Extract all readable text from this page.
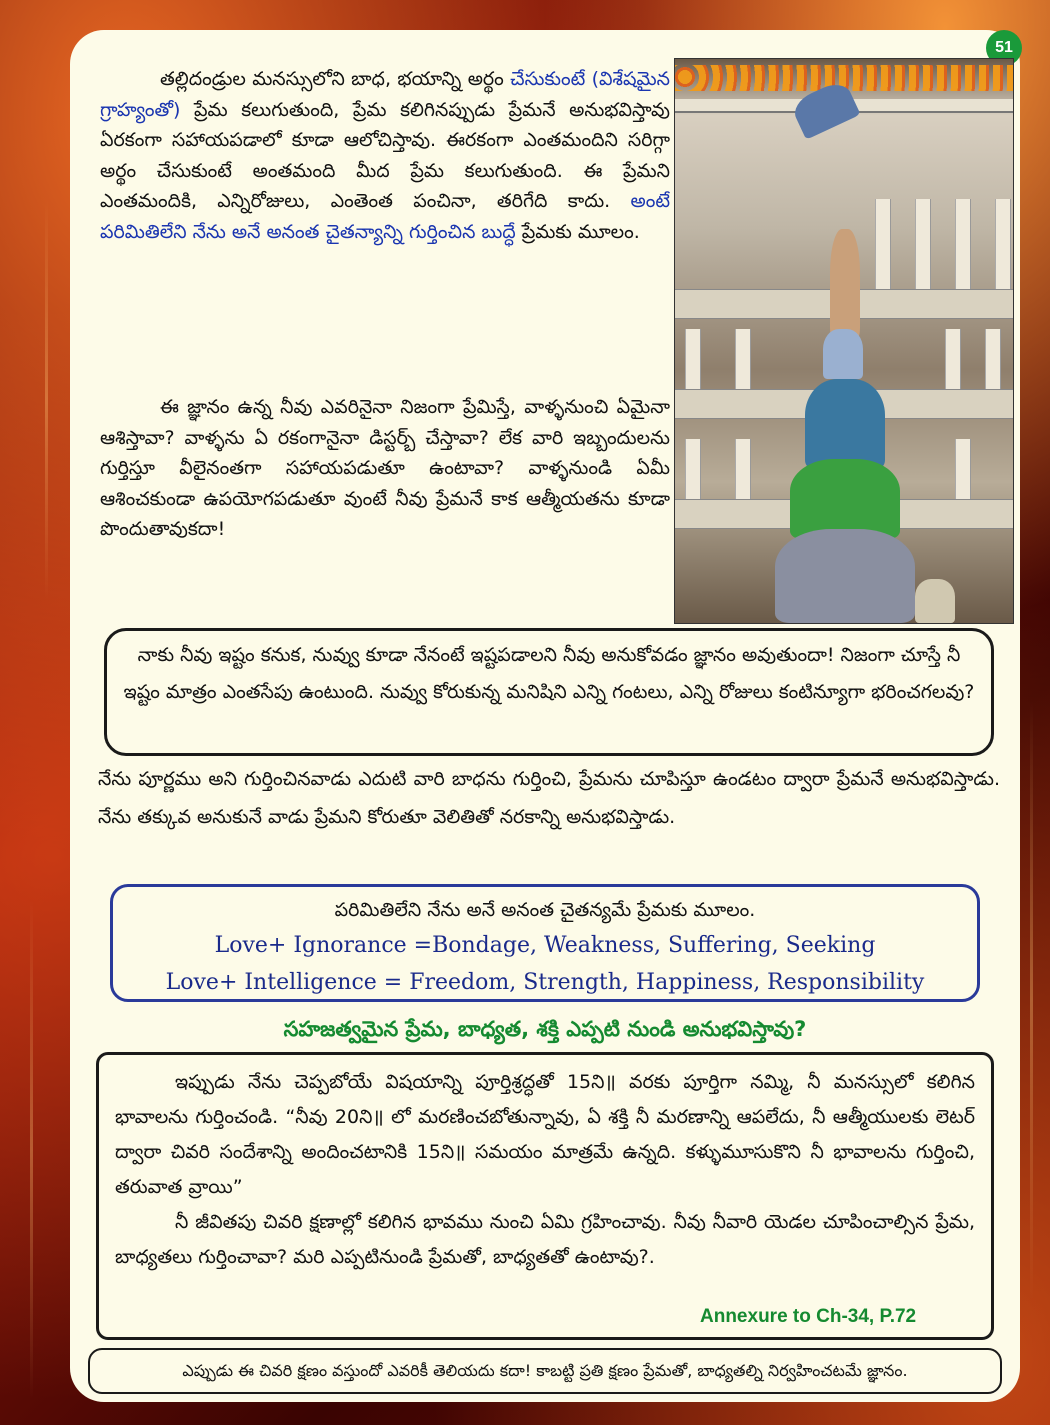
51

తల్లిదండ్రుల మనస్సులోని బాధ, భయాన్ని అర్థం చేసుకుంటే (విశేషమైన గ్రాహ్యంతో) ప్రేమ కలుగుతుంది, ప్రేమ కలిగినప్పుడు ప్రేమనే అనుభవిస్తావు ఏరకంగా సహాయపడాలో కూడా ఆలోచిస్తావు. ఈరకంగా ఎంతమందిని సరిగ్గా అర్థం చేసుకుంటే అంతమంది మీద ప్రేమ కలుగుతుంది. ఈ ప్రేమని ఎంతమందికి, ఎన్నిరోజులు, ఎంతెంత పంచినా, తరిగేది కాదు. అంటే పరిమితిలేని నేను అనే అనంత చైతన్యాన్ని గుర్తించిన బుద్ధే ప్రేమకు మూలం.

ఈ జ్ఞానం ఉన్న నీవు ఎవరినైనా నిజంగా ప్రేమిస్తే, వాళ్ళనుంచి ఏమైనా ఆశిస్తావా? వాళ్ళను ఏ రకంగానైనా డిస్టర్బ్ చేస్తావా? లేక వారి ఇబ్బందులను గుర్తిస్తూ వీలైనంతగా సహాయపడుతూ ఉంటావా? వాళ్ళనుండి ఏమీ ఆశించకుండా ఉపయోగపడుతూ వుంటే నీవు ప్రేమనే కాక ఆత్మీయతను కూడా పొందుతావుకదా!

నాకు నీవు ఇష్టం కనుక, నువ్వు కూడా నేనంటే ఇష్టపడాలని నీవు అనుకోవడం జ్ఞానం అవుతుందా! నిజంగా చూస్తే నీ ఇష్టం మాత్రం ఎంతసేపు ఉంటుంది. నువ్వు కోరుకున్న మనిషిని ఎన్ని గంటలు, ఎన్ని రోజులు కంటిన్యూగా భరించగలవు?

నేను పూర్ణము అని గుర్తించినవాడు ఎదుటి వారి బాధను గుర్తించి, ప్రేమను చూపిస్తూ ఉండటం ద్వారా ప్రేమనే అనుభవిస్తాడు. నేను తక్కువ అనుకునే వాడు ప్రేమని కోరుతూ వెలితితో నరకాన్ని అనుభవిస్తాడు.

పరిమితిలేని నేను అనే అనంత చైతన్యమే ప్రేమకు మూలం.
Love+ Ignorance =Bondage, Weakness, Suffering, Seeking
Love+ Intelligence = Freedom, Strength, Happiness, Responsibility
సహజత్వమైన ప్రేమ, బాధ్యత, శక్తి ఎప్పటి నుండి అనుభవిస్తావు?

ఇప్పుడు నేను చెప్పబోయే విషయాన్ని పూర్తిశ్రద్ధతో 15ని॥ వరకు పూర్తిగా నమ్మి, నీ మనస్సులో కలిగిన భావాలను గుర్తించండి. “నీవు 20ని॥ లో మరణించబోతున్నావు, ఏ శక్తి నీ మరణాన్ని ఆపలేదు, నీ ఆత్మీయులకు లెటర్ ద్వారా చివరి సందేశాన్ని అందించటానికి 15ని॥ సమయం మాత్రమే ఉన్నది. కళ్ళుమూసుకొని నీ భావాలను గుర్తించి, తరువాత వ్రాయి”

నీ జీవితపు చివరి క్షణాల్లో కలిగిన భావము నుంచి ఏమి గ్రహించావు. నీవు నీవారి యెడల చూపించాల్సిన ప్రేమ, బాధ్యతలు గుర్తించావా? మరి ఎప్పటినుండి ప్రేమతో, బాధ్యతతో ఉంటావు?.

Annexure to Ch-34, P.72
ఎప్పుడు ఈ చివరి క్షణం వస్తుందో ఎవరికీ తెలియదు కదా! కాబట్టి ప్రతి క్షణం ప్రేమతో, బాధ్యతల్ని నిర్వహించటమే జ్ఞానం.
